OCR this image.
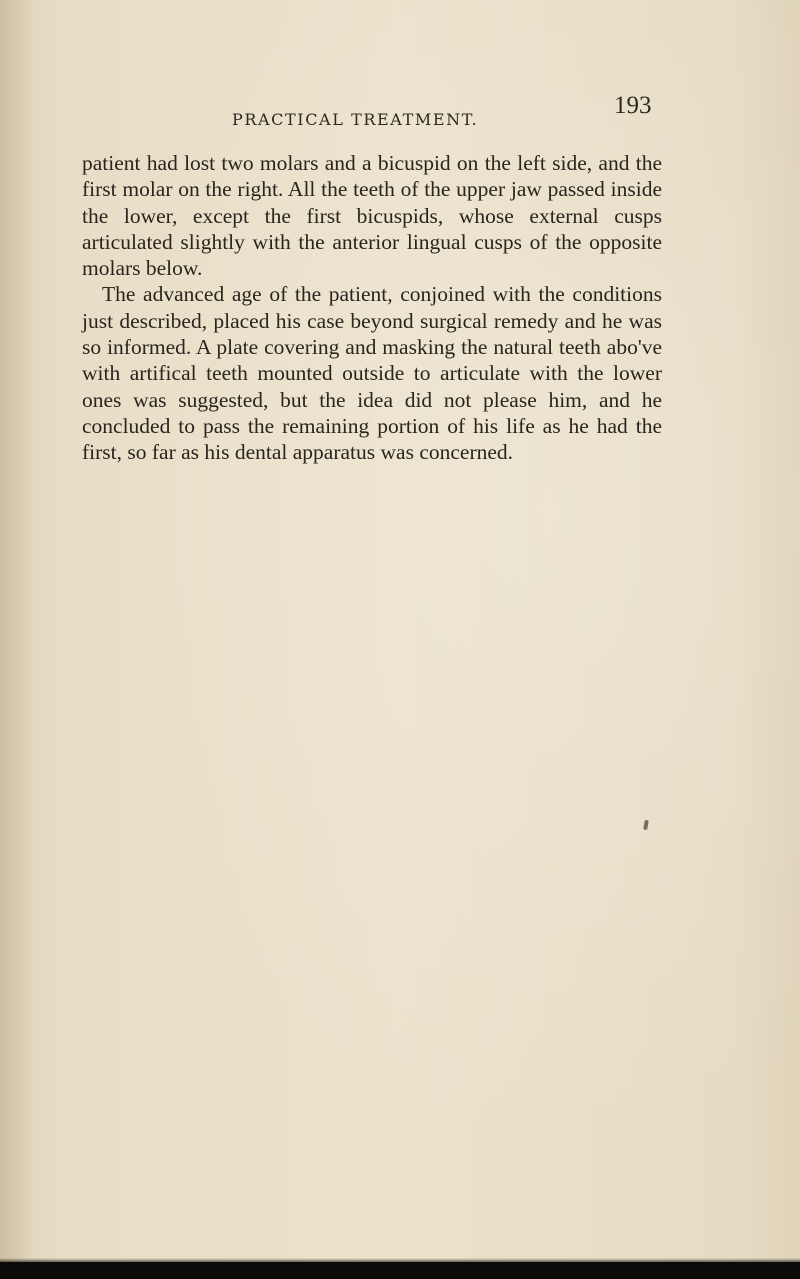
PRACTICAL TREATMENT.
193

patient had lost two molars and a bicuspid on the left side, and the first molar on the right. All the teeth of the upper jaw passed inside the lower, except the first bicuspids, whose external cusps articulated slightly with the anterior lingual cusps of the opposite molars below.

The advanced age of the patient, conjoined with the conditions just described, placed his case beyond surgical remedy and he was so informed. A plate covering and masking the natural teeth abo've with artifical teeth mounted outside to articulate with the lower ones was suggested, but the idea did not please him, and he concluded to pass the remaining portion of his life as he had the first, so far as his dental apparatus was concerned.
